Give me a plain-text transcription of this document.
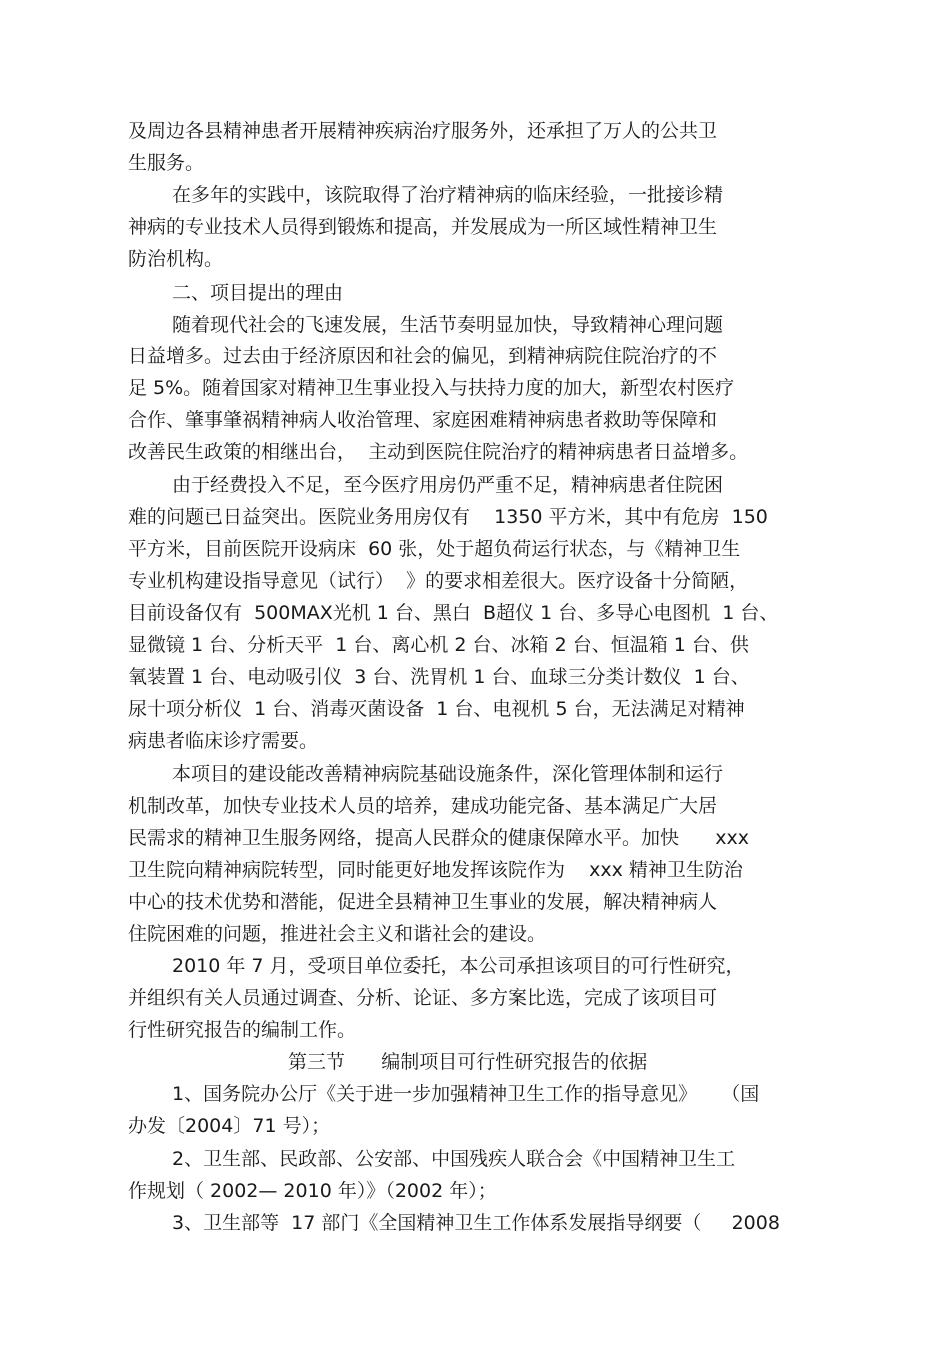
及周边各县精神患者开展精神疾病治疗服务外，还承担了万人的公共卫

生服务。

在多年的实践中，该院取得了治疗精神病的临床经验，一批接诊精

神病的专业技术人员得到锻炼和提高，并发展成为一所区域性精神卫生

防治机构。

二、项目提出的理由

随着现代社会的飞速发展，生活节奏明显加快，导致精神心理问题

日益增多。过去由于经济原因和社会的偏见，到精神病院住院治疗的不

足 5%。随着国家对精神卫生事业投入与扶持力度的加大，新型农村医疗

合作、肇事肇祸精神病人收治管理、家庭困难精神病患者救助等保障和

改善民生政策的相继出台，  主动到医院住院治疗的精神病患者日益增多。

由于经费投入不足，至今医疗用房仍严重不足，精神病患者住院困

难的问题已日益突出。医院业务用房仅有    1350 平方米，其中有危房  150

平方米，目前医院开设病床  60 张，处于超负荷运行状态，与《精神卫生

专业机构建设指导意见（试行）  》的要求相差很大。医疗设备十分简陋，

目前设备仅有  500MAX光机 1 台、黑白  B超仪 1 台、多导心电图机  1 台、

显微镜 1 台、分析天平  1 台、离心机 2 台、冰箱 2 台、恒温箱 1 台、供

氧装置 1 台、电动吸引仪  3 台、洗胃机 1 台、血球三分类计数仪  1 台、

尿十项分析仪  1 台、消毒灭菌设备  1 台、电视机 5 台，无法满足对精神

病患者临床诊疗需要。

本项目的建设能改善精神病院基础设施条件，深化管理体制和运行

机制改革，加快专业技术人员的培养，建成功能完备、基本满足广大居

民需求的精神卫生服务网络，提高人民群众的健康保障水平。加快      xxx

卫生院向精神病院转型，同时能更好地发挥该院作为    xxx 精神卫生防治

中心的技术优势和潜能，促进全县精神卫生事业的发展，解决精神病人

住院困难的问题，推进社会主义和谐社会的建设。

2010 年 7 月，受项目单位委托，本公司承担该项目的可行性研究，

并组织有关人员通过调查、分析、论证、多方案比选，完成了该项目可

行性研究报告的编制工作。

第三节      编制项目可行性研究报告的依据

1、国务院办公厅《关于进一步加强精神卫生工作的指导意见》    （国

办发〔2004〕71 号）；

2、卫生部、民政部、公安部、中国残疾人联合会《中国精神卫生工

作规划（ 2002— 2010 年）》（2002 年）；

3、卫生部等  17 部门《全国精神卫生工作体系发展指导纲要（     2008
